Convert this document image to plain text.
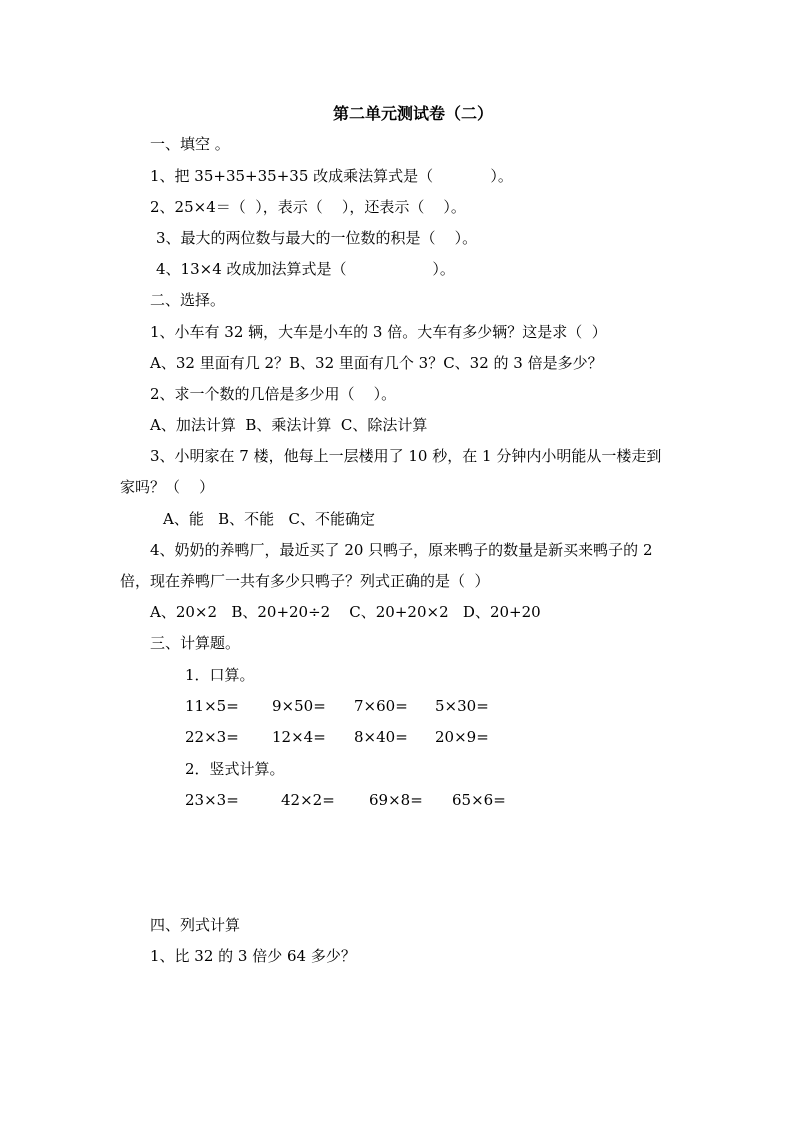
第二单元测试卷（二）
一、填空 。
1、把 35+35+35+35 改成乘法算式是（            ）。
2、25×4＝（  ），表示（    ），还表示（    ）。
3、最大的两位数与最大的一位数的积是（    ）。
4、13×4 改成加法算式是（                  ）。
二、选择。
1、小车有 32 辆，大车是小车的 3 倍。大车有多少辆？这是求（  ）
A、32 里面有几 2？B、32 里面有几个 3？C、32 的 3 倍是多少？
2、求一个数的几倍是多少用（    ）。
A、加法计算  B、乘法计算  C、除法计算
3、小明家在 7 楼，他每上一层楼用了 10 秒，在 1 分钟内小明能从一楼走到
家吗？（    ）
A、能   B、不能   C、不能确定
4、奶奶的养鸭厂，最近买了 20 只鸭子，原来鸭子的数量是新买来鸭子的 2
倍，现在养鸭厂一共有多少只鸭子？列式正确的是（  ）
A、20×2   B、20+20÷2    C、20+20×2   D、20+20
三、计算题。
1．口算。
11×5= 9×50= 7×60= 5×30=
22×3= 12×4= 8×40= 20×9=
2．竖式计算。
23×3=	42×2= 69×8= 65×6=
四、列式计算
1、比 32 的 3 倍少 64 多少？
